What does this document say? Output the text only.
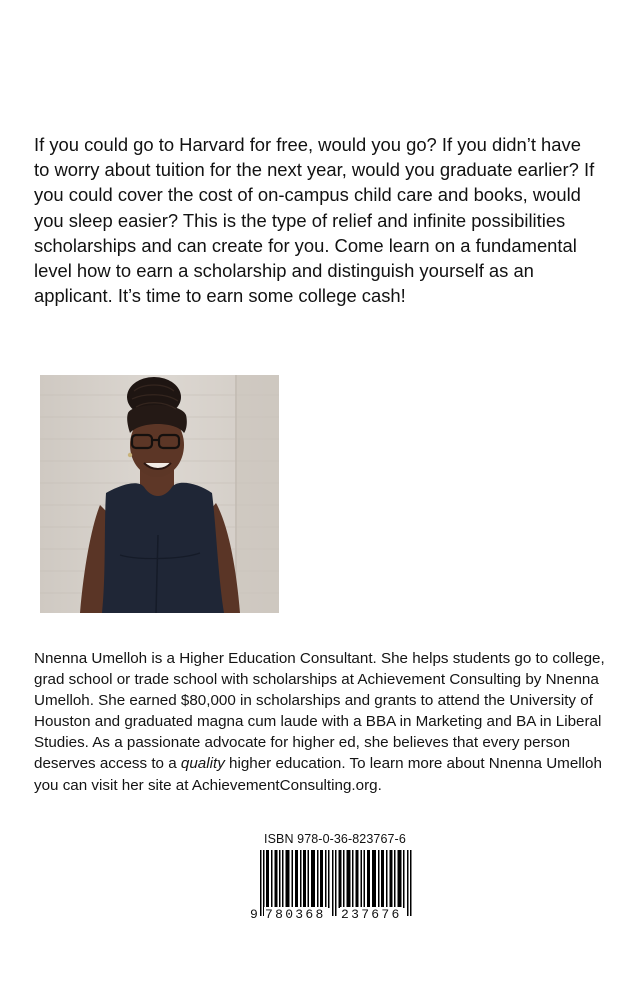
If you could go to Harvard for free, would you go? If you didn’t have to worry about tuition for the next year, would you graduate earlier? If you could cover the cost of on-campus child care and books, would you sleep easier? This is the type of relief and infinite possibilities scholarships and can create for you. Come learn on a fundamental level how to earn a scholarship and distinguish yourself as an applicant. It’s time to earn some college cash!

Nnenna Umelloh is a Higher Education Consultant. She helps students go to college, grad school or trade school with scholarships at Achievement Consulting by Nnenna Umelloh. She earned $80,000 in scholarships and grants to attend the University of Houston and graduated magna cum laude with a BBA in Marketing and BA in Liberal Studies. As a passionate advocate for higher ed, she believes that every person deserves access to a quality higher education. To learn more about Nnenna Umelloh you can visit her site at AchievementConsulting.org.

ISBN 978-0-36-823767-6
9 780368 237676
